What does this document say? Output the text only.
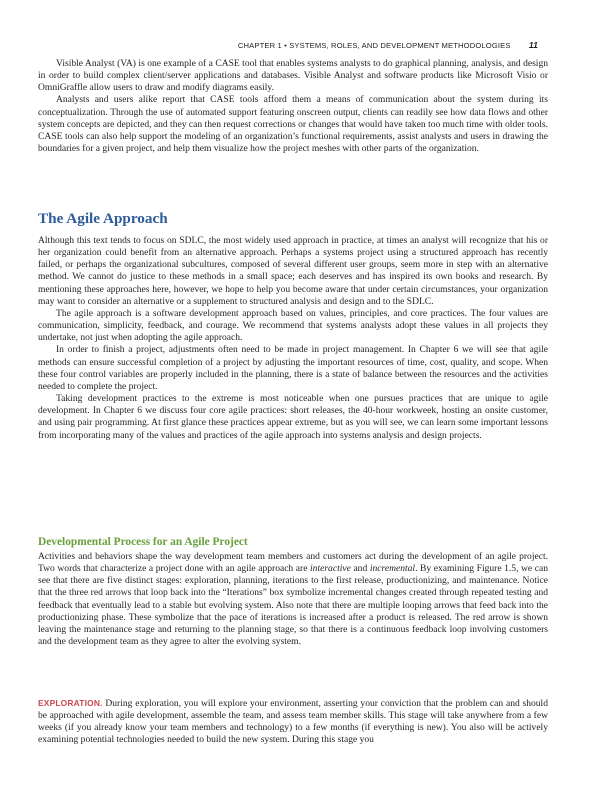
CHAPTER 1 • SYSTEMS, ROLES, AND DEVELOPMENT METHODOLOGIES 11

Visible Analyst (VA) is one example of a CASE tool that enables systems analysts to do graphical planning, analysis, and design in order to build complex client/server applications and databases. Visible Analyst and software products like Microsoft Visio or OmniGraffle allow users to draw and modify diagrams easily.

Analysts and users alike report that CASE tools afford them a means of communication about the system during its conceptualization. Through the use of automated support featuring onscreen output, clients can readily see how data flows and other system concepts are depicted, and they can then request corrections or changes that would have taken too much time with older tools. CASE tools can also help support the modeling of an organization’s functional requirements, assist analysts and users in drawing the boundaries for a given project, and help them visualize how the project meshes with other parts of the organization.

The Agile Approach

Although this text tends to focus on SDLC, the most widely used approach in practice, at times an analyst will recognize that his or her organization could benefit from an alternative approach. Perhaps a systems project using a structured approach has recently failed, or perhaps the organizational subcultures, composed of several different user groups, seem more in step with an alternative method. We cannot do justice to these methods in a small space; each deserves and has inspired its own books and research. By mentioning these approaches here, however, we hope to help you become aware that under certain circumstances, your organization may want to consider an alternative or a supplement to structured analysis and design and to the SDLC.

The agile approach is a software development approach based on values, principles, and core practices. The four values are communication, simplicity, feedback, and courage. We recommend that systems analysts adopt these values in all projects they undertake, not just when adopting the agile approach.

In order to finish a project, adjustments often need to be made in project management. In Chapter 6 we will see that agile methods can ensure successful completion of a project by adjusting the important resources of time, cost, quality, and scope. When these four control variables are properly included in the planning, there is a state of balance between the resources and the activities needed to complete the project.

Taking development practices to the extreme is most noticeable when one pursues practices that are unique to agile development. In Chapter 6 we discuss four core agile practices: short releases, the 40-hour workweek, hosting an onsite customer, and using pair programming. At first glance these practices appear extreme, but as you will see, we can learn some important lessons from incorporating many of the values and practices of the agile approach into systems analysis and design projects.

Developmental Process for an Agile Project

Activities and behaviors shape the way development team members and customers act during the development of an agile project. Two words that characterize a project done with an agile approach are interactive and incremental. By examining Figure 1.5, we can see that there are five distinct stages: exploration, planning, iterations to the first release, productionizing, and maintenance. Notice that the three red arrows that loop back into the “Iterations” box symbolize incremental changes created through repeated testing and feedback that eventually lead to a stable but evolving system. Also note that there are multiple looping arrows that feed back into the productionizing phase. These symbolize that the pace of iterations is increased after a product is released. The red arrow is shown leaving the maintenance stage and returning to the planning stage, so that there is a continuous feedback loop involving customers and the development team as they agree to alter the evolving system.

EXPLORATION. During exploration, you will explore your environment, asserting your conviction that the problem can and should be approached with agile development, assemble the team, and assess team member skills. This stage will take anywhere from a few weeks (if you already know your team members and technology) to a few months (if everything is new). You also will be actively examining potential technologies needed to build the new system. During this stage you
